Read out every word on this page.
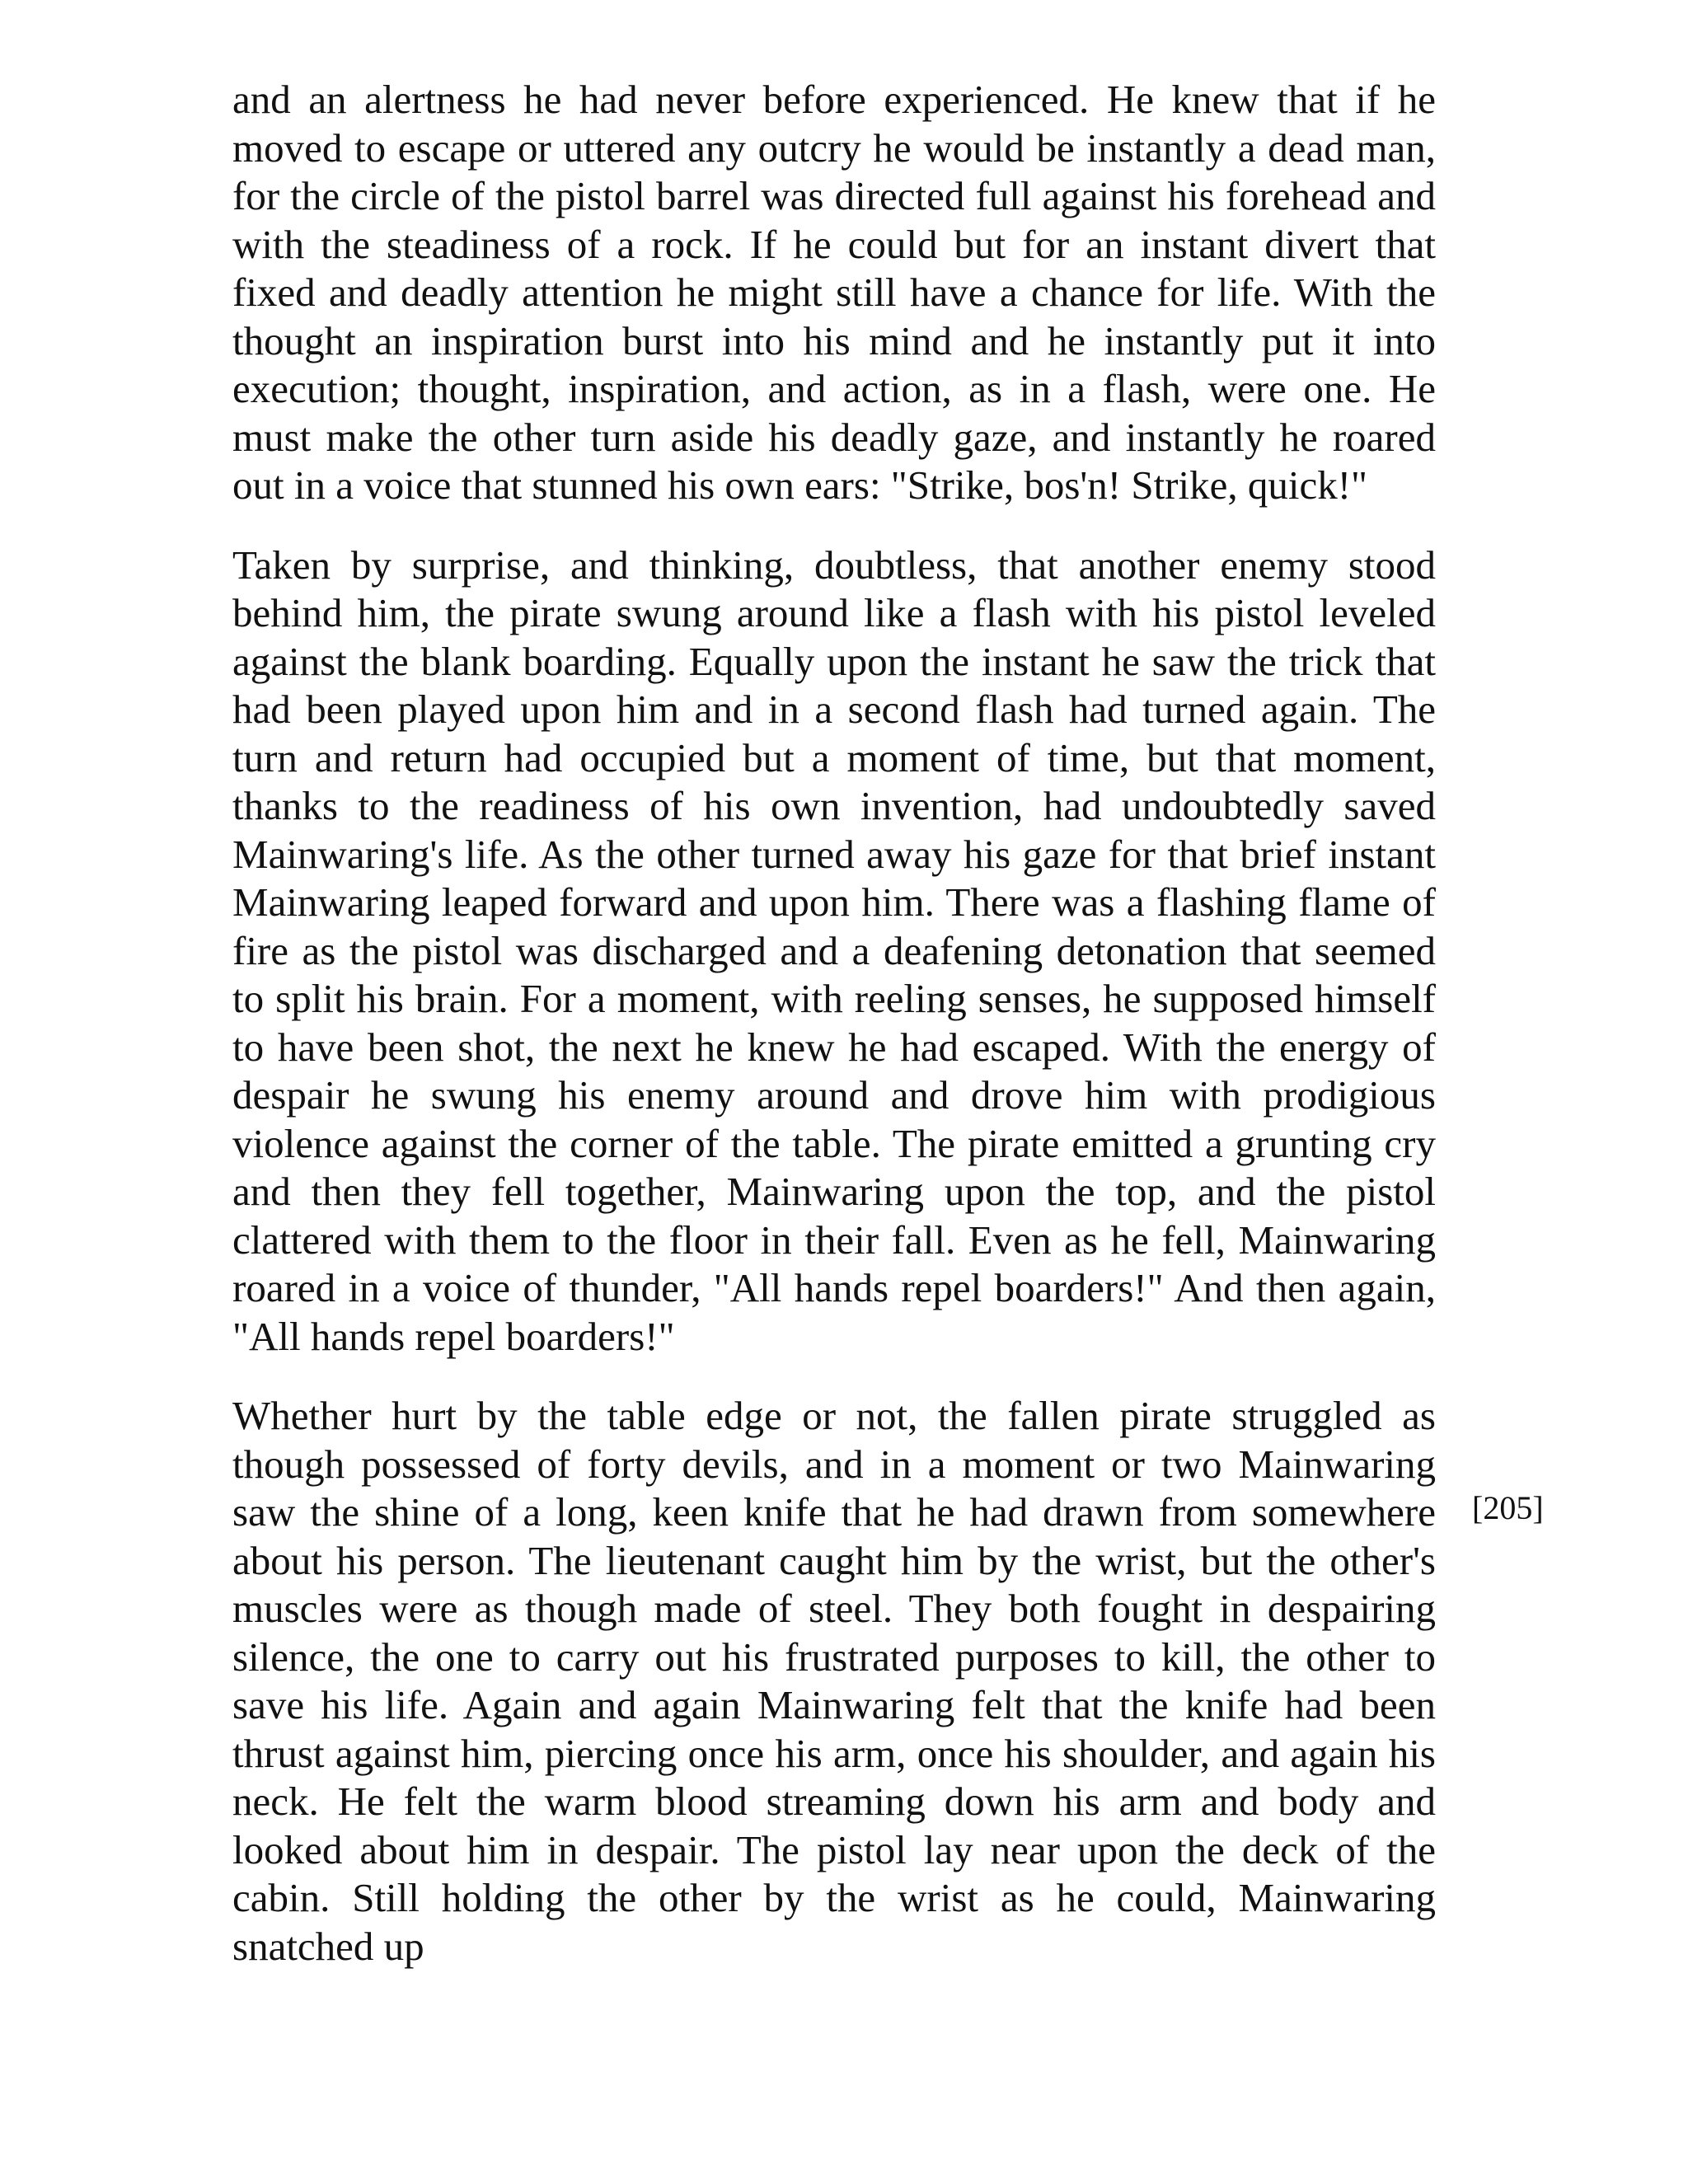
and an alertness he had never before experienced. He knew that if he moved to escape or uttered any outcry he would be instantly a dead man, for the circle of the pistol barrel was directed full against his forehead and with the steadiness of a rock. If he could but for an instant divert that fixed and deadly attention he might still have a chance for life. With the thought an inspiration burst into his mind and he instantly put it into execution; thought, inspiration, and action, as in a flash, were one. He must make the other turn aside his deadly gaze, and instantly he roared out in a voice that stunned his own ears: "Strike, bos'n! Strike, quick!"

Taken by surprise, and thinking, doubtless, that another enemy stood behind him, the pirate swung around like a flash with his pistol leveled against the blank boarding. Equally upon the instant he saw the trick that had been played upon him and in a second flash had turned again. The turn and return had occupied but a moment of time, but that moment, thanks to the readiness of his own invention, had undoubtedly saved Mainwaring's life. As the other turned away his gaze for that brief instant Mainwaring leaped forward and upon him. There was a flashing flame of fire as the pistol was discharged and a deafening detonation that seemed to split his brain. For a moment, with reeling senses, he supposed himself to have been shot, the next he knew he had escaped. With the energy of despair he swung his enemy around and drove him with prodigious violence against the corner of the table. The pirate emitted a grunting cry and then they fell together, Mainwaring upon the top, and the pistol clattered with them to the floor in their fall. Even as he fell, Mainwaring roared in a voice of thunder, "All hands repel boarders!" And then again, "All hands repel boarders!"

Whether hurt by the table edge or not, the fallen pirate struggled as though possessed of forty devils, and in a moment or two Mainwaring saw the shine of a long, keen knife that he had drawn from somewhere about his person. The lieutenant caught him by the wrist, but the other's muscles were as though made of steel. They both fought in despairing silence, the one to carry out his frustrated purposes to kill, the other to save his life. Again and again Mainwaring felt that the knife had been thrust against him, piercing once his arm, once his shoulder, and again his neck. He felt the warm blood streaming down his arm and body and looked about him in despair. The pistol lay near upon the deck of the cabin. Still holding the other by the wrist as he could, Mainwaring snatched up

[205]
